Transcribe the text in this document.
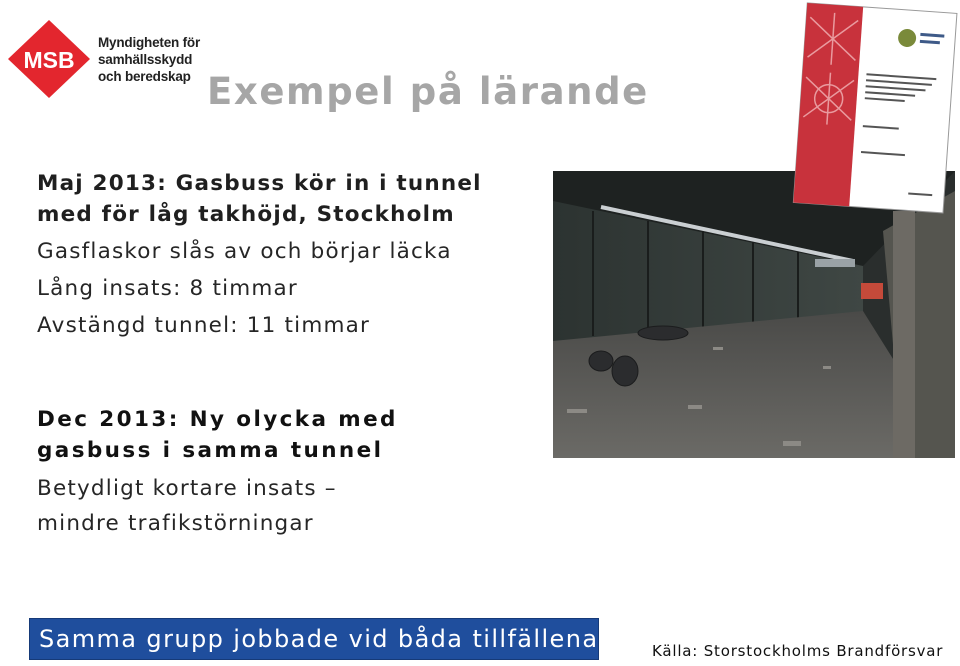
MSB
Myndigheten för
samhällsskydd
och beredskap Exempel på lärande
Maj 2013: Gasbuss kör in i tunnel
med för låg takhöjd, Stockholm
Gasflaskor slås av och börjar läcka
Lång insats: 8 timmar
Avstängd tunnel: 11 timmar
Dec 2013: Ny olycka med
gasbuss i samma tunnel
Betydligt kortare insats –
mindre trafikstörningar
Samma grupp jobbade vid båda tillfällena	Källa: Storstockholms Brandförsvar
